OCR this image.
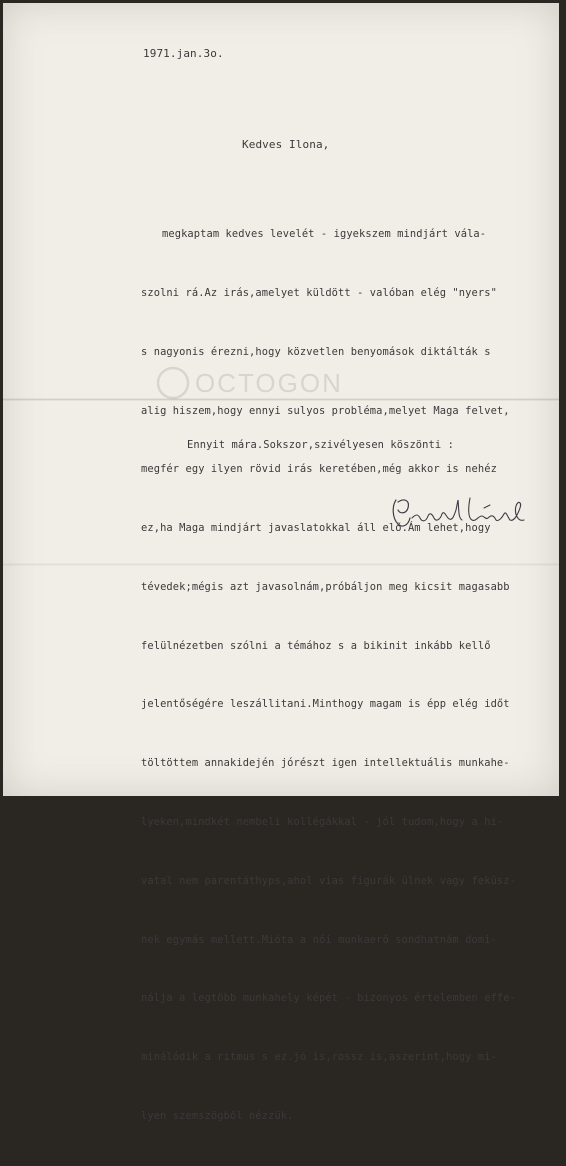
1971.jan.3o.
Kedves Ilona,

megkaptam kedves levelét - igyekszem mindjárt vála-

szolni rá.Az irás,amelyet küldött - valóban elég "nyers"

s nagyonis érezni,hogy közvetlen benyomások diktálták s

alig hiszem,hogy ennyi sulyos probléma,melyet Maga felvet,

megfér egy ilyen rövid irás keretében,még akkor is nehéz

ez,ha Maga mindjárt javaslatokkal áll elő.Ám lehet,hogy

tévedek;mégis azt javasolnám,próbáljon meg kicsit magasabb

felülnézetben szólni a témához s a bikinit inkább kellő

jelentőségére leszállitani.Minthogy magam is épp elég időt

töltöttem annakidején jórészt igen intellektuális munkahe-

lyeken,mindkét nembeli kollégákkal - jól tudom,hogy a hi-

vatal nem parentáthyps,ahol vias figurák ülnek vagy feküsz-

nek egymás mellett.Mióta a női munkaerő sondhatnám domi-

nálja a legtöbb munkahely képét - bizonyos értelemben effe-

minálódik a ritmus s ez.jó is,rossz is,aszerint,hogy mi-

lyen szemszögből nézzük.

Ennyit mára.Sokszor,szivélyesen köszönti :
OCTOGON
